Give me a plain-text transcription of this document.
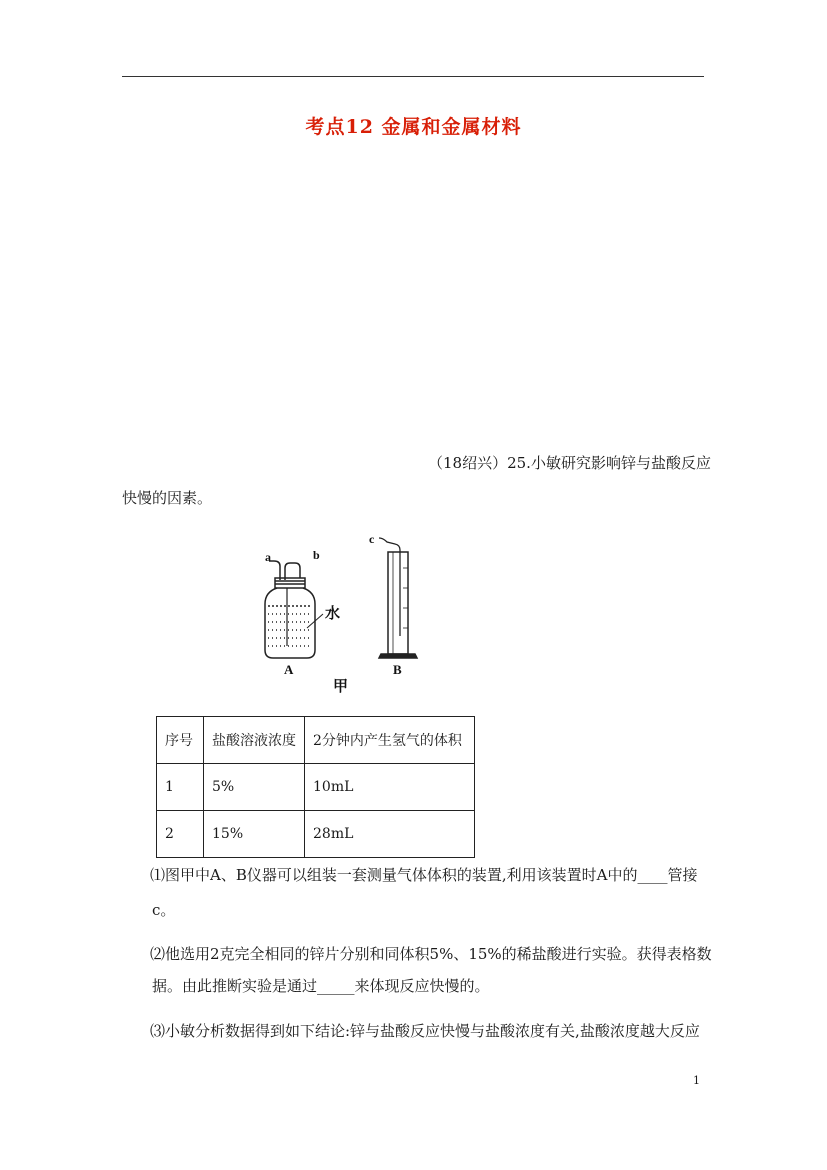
考点12 金属和金属材料
（18绍兴）25.小敏研究影响锌与盐酸反应
快慢的因素。
a	b
c
水
A	B
甲
序号	盐酸溶液浓度	2分钟内产生氢气的体积
1	5%	10mL
2	15%	28mL
⑴图甲中A、B仪器可以组装一套测量气体体积的装置,利用该装置时A中的____管接
c。
⑵他选用2克完全相同的锌片分别和同体积5%、15%的稀盐酸进行实验。获得表格数
据。由此推断实验是通过_____来体现反应快慢的。
⑶小敏分析数据得到如下结论:锌与盐酸反应快慢与盐酸浓度有关,盐酸浓度越大反应
1
